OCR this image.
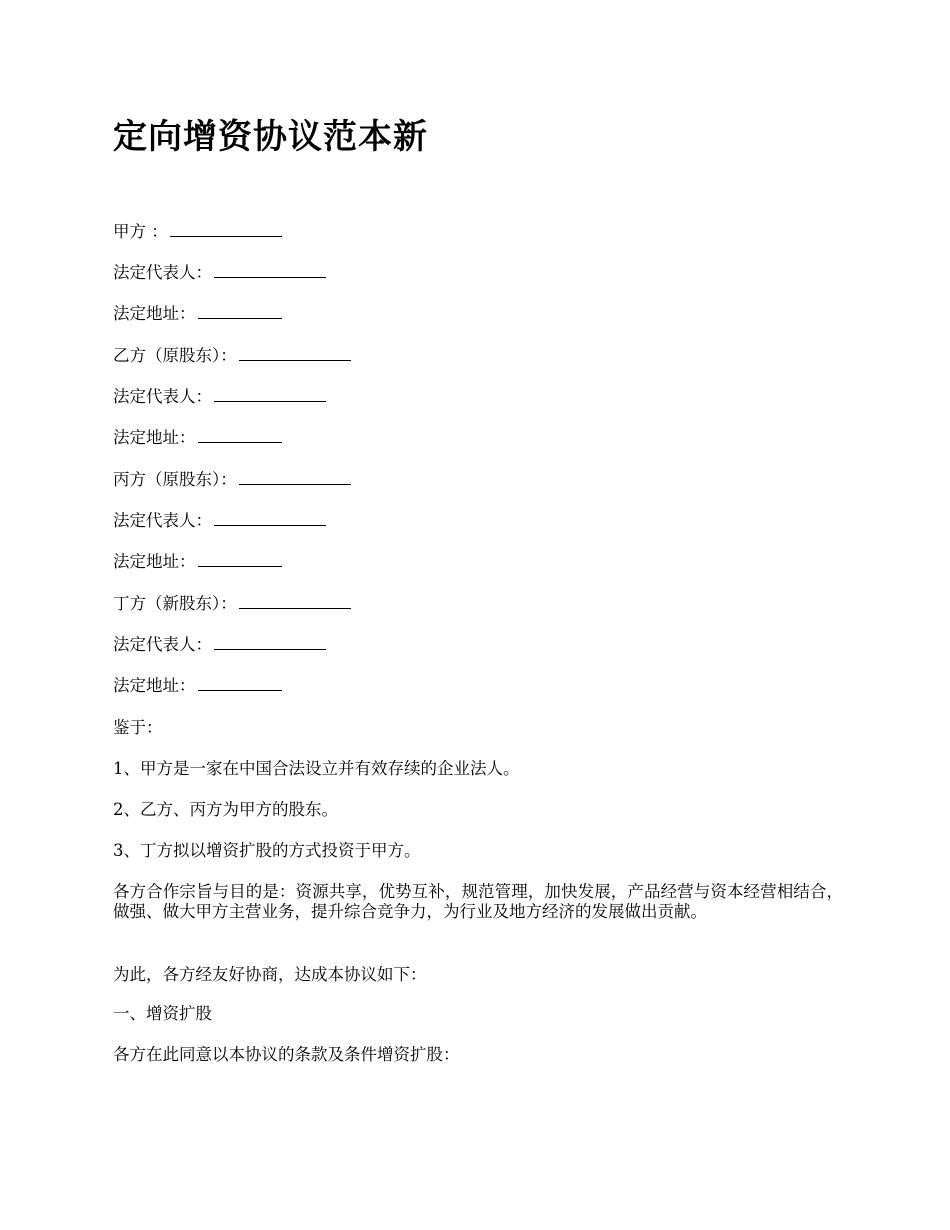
定向增资协议范本新
甲方 ：
法定代表人：
法定地址：
乙方（原股东）：
法定代表人：
法定地址：
丙方（原股东）：
法定代表人：
法定地址：
丁方（新股东）：
法定代表人：
法定地址：
鉴于：
1、甲方是一家在中国合法设立并有效存续的企业法人。
2、乙方、丙方为甲方的股东。
3、丁方拟以增资扩股的方式投资于甲方。
各方合作宗旨与目的是：资源共享，优势互补，规范管理，加快发展，产品经营与资本经营相结合，做强、做大甲方主营业务，提升综合竞争力，为行业及地方经济的发展做出贡献。
为此，各方经友好协商，达成本协议如下：
一、增资扩股
各方在此同意以本协议的条款及条件增资扩股：
